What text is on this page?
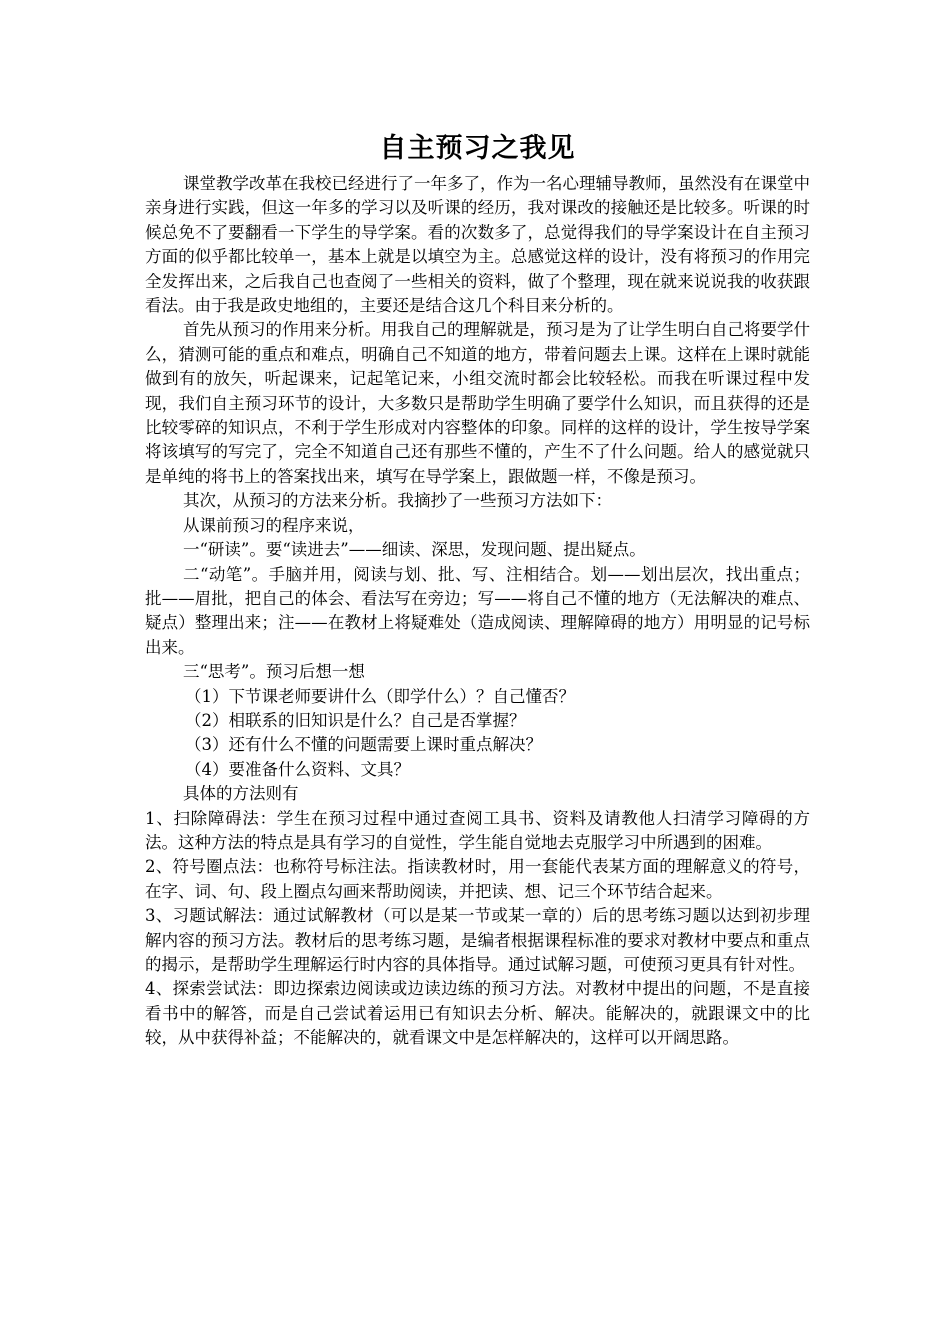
自主预习之我见

课堂教学改革在我校已经进行了一年多了，作为一名心理辅导教师，虽然没有在课堂中亲身进行实践，但这一年多的学习以及听课的经历，我对课改的接触还是比较多。听课的时候总免不了要翻看一下学生的导学案。看的次数多了，总觉得我们的导学案设计在自主预习方面的似乎都比较单一，基本上就是以填空为主。总感觉这样的设计，没有将预习的作用完全发挥出来，之后我自己也查阅了一些相关的资料，做了个整理，现在就来说说我的收获跟看法。由于我是政史地组的，主要还是结合这几个科目来分析的。

首先从预习的作用来分析。用我自己的理解就是，预习是为了让学生明白自己将要学什么，猜测可能的重点和难点，明确自己不知道的地方，带着问题去上课。这样在上课时就能做到有的放矢，听起课来，记起笔记来，小组交流时都会比较轻松。而我在听课过程中发现，我们自主预习环节的设计，大多数只是帮助学生明确了要学什么知识，而且获得的还是比较零碎的知识点，不利于学生形成对内容整体的印象。同样的这样的设计，学生按导学案将该填写的写完了，完全不知道自己还有那些不懂的，产生不了什么问题。给人的感觉就只是单纯的将书上的答案找出来，填写在导学案上，跟做题一样，不像是预习。

其次，从预习的方法来分析。我摘抄了一些预习方法如下：

从课前预习的程序来说，

一“研读”。要“读进去”——细读、深思，发现问题、提出疑点。

二“动笔”。手脑并用，阅读与划、批、写、注相结合。划——划出层次，找出重点；批——眉批，把自己的体会、看法写在旁边；写——将自己不懂的地方（无法解决的难点、疑点）整理出来；注——在教材上将疑难处（造成阅读、理解障碍的地方）用明显的记号标出来。

三“思考”。预习后想一想

（1）下节课老师要讲什么（即学什么）？自己懂否？

（2）相联系的旧知识是什么？自己是否掌握？

（3）还有什么不懂的问题需要上课时重点解决？

（4）要准备什么资料、文具？

具体的方法则有

1、扫除障碍法：学生在预习过程中通过查阅工具书、资料及请教他人扫清学习障碍的方法。这种方法的特点是具有学习的自觉性，学生能自觉地去克服学习中所遇到的困难。

2、符号圈点法：也称符号标注法。指读教材时，用一套能代表某方面的理解意义的符号，在字、词、句、段上圈点勾画来帮助阅读，并把读、想、记三个环节结合起来。

3、习题试解法：通过试解教材（可以是某一节或某一章的）后的思考练习题以达到初步理解内容的预习方法。教材后的思考练习题，是编者根据课程标准的要求对教材中要点和重点的揭示，是帮助学生理解运行时内容的具体指导。通过试解习题，可使预习更具有针对性。

4、探索尝试法：即边探索边阅读或边读边练的预习方法。对教材中提出的问题，不是直接看书中的解答，而是自己尝试着运用已有知识去分析、解决。能解决的，就跟课文中的比较，从中获得补益；不能解决的，就看课文中是怎样解决的，这样可以开阔思路。
